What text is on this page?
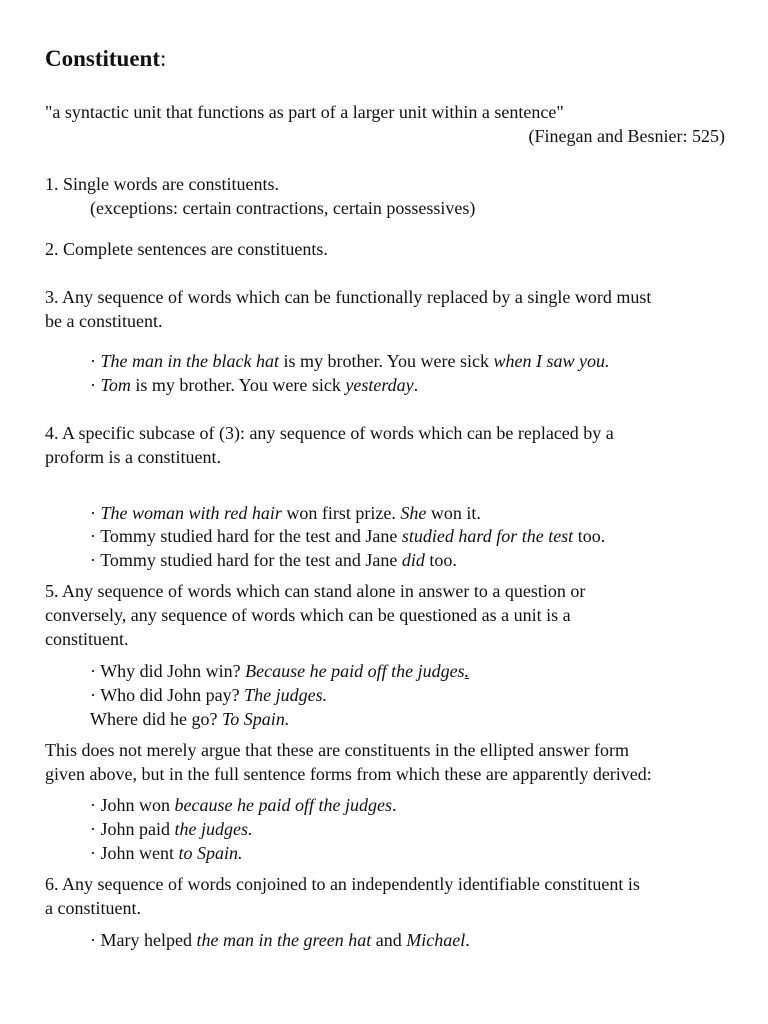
Constituent:
"a syntactic unit that functions as part of a larger unit within a sentence"
(Finegan and Besnier: 525)
1. Single words are constituents.
(exceptions: certain contractions, certain possessives)
2. Complete sentences are constituents.
3. Any sequence of words which can be functionally replaced by a single word must
be a constituent.
· The man in the black hat is my brother. You were sick when I saw you.
· Tom is my brother. You were sick yesterday.
4. A specific subcase of (3): any sequence of words which can be replaced by a
proform is a constituent.
· The woman with red hair won first prize. She won it.
· Tommy studied hard for the test and Jane studied hard for the test too.
· Tommy studied hard for the test and Jane did too.
5. Any sequence of words which can stand alone in answer to a question or
conversely, any sequence of words which can be questioned as a unit is a
constituent.
· Why did John win? Because he paid off the judges.
· Who did John pay? The judges.
Where did he go? To Spain.
This does not merely argue that these are constituents in the ellipted answer form
given above, but in the full sentence forms from which these are apparently derived:
· John won because he paid off the judges.
· John paid the judges.
· John went to Spain.
6. Any sequence of words conjoined to an independently identifiable constituent is
a constituent.
· Mary helped the man in the green hat and Michael.
